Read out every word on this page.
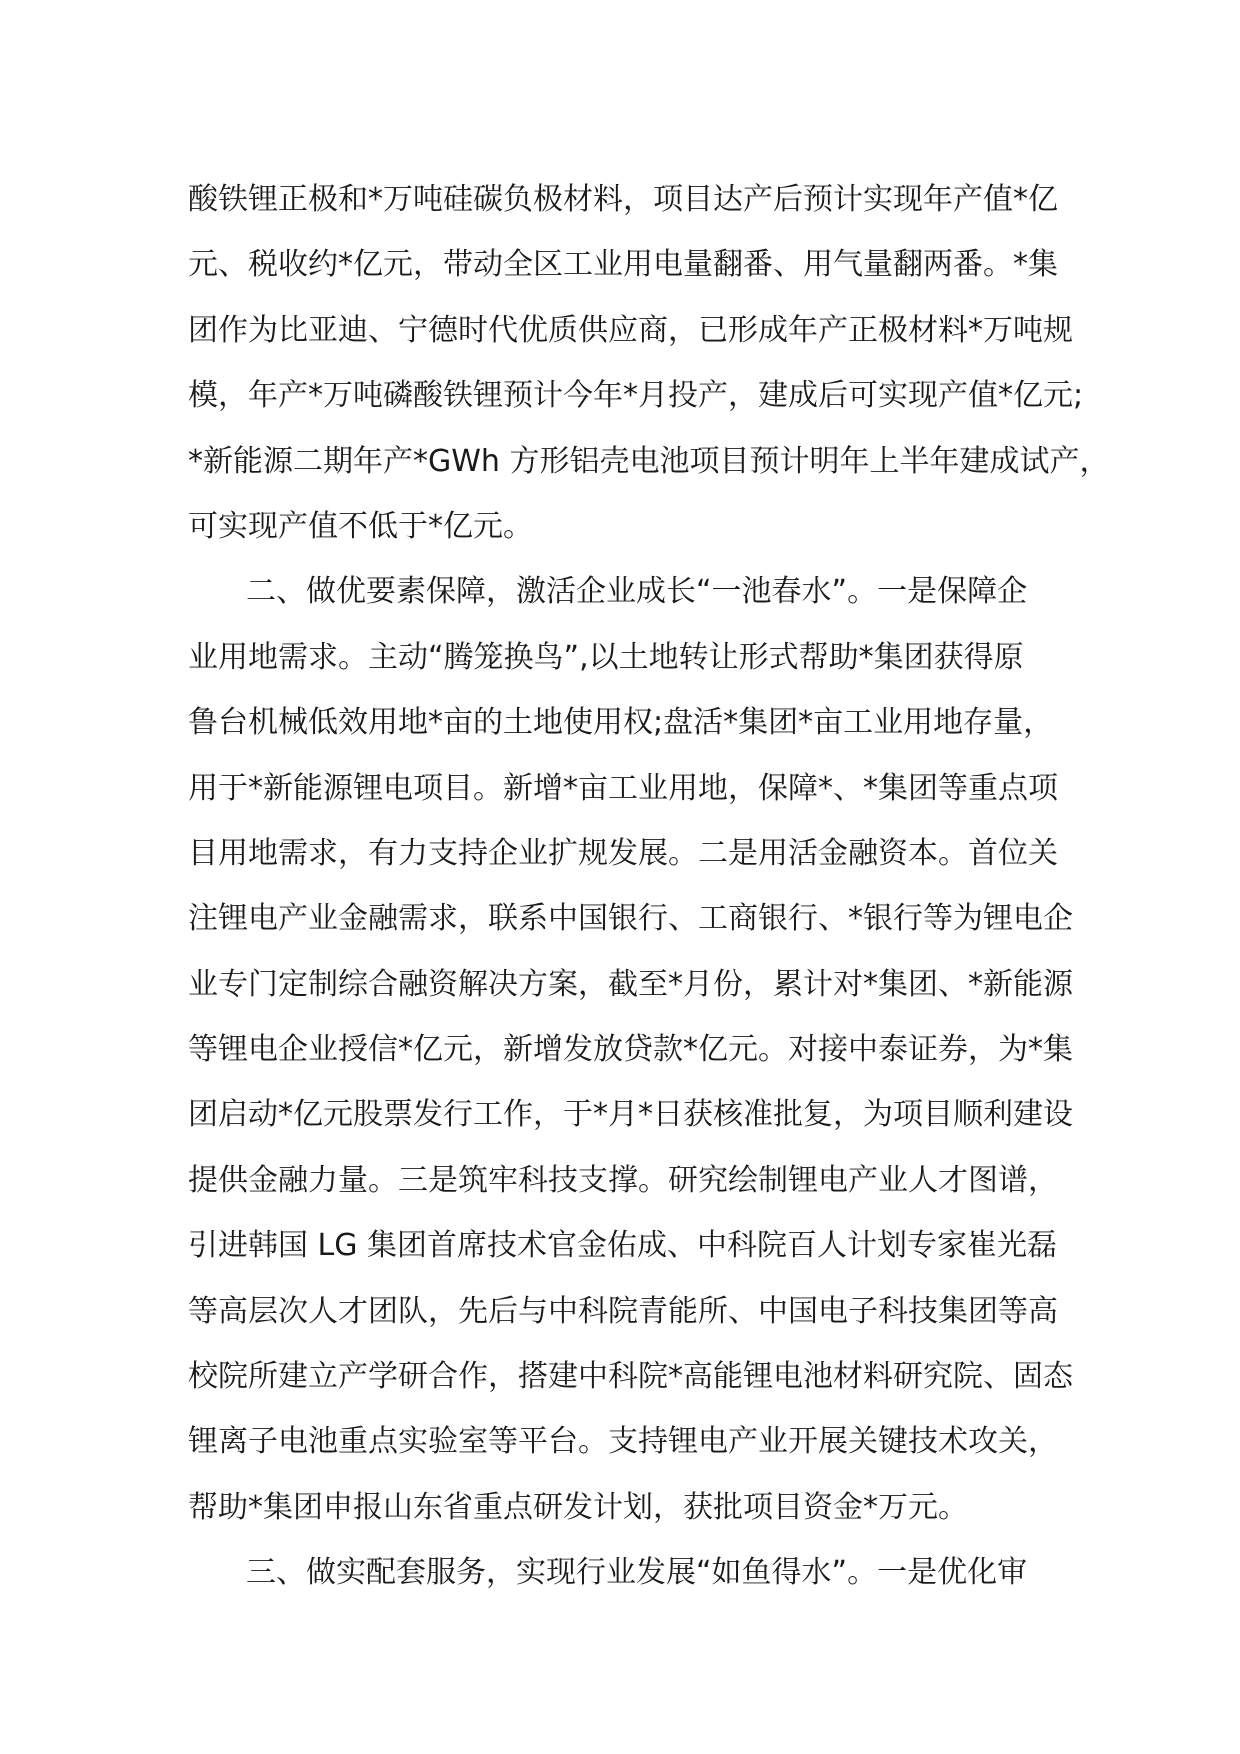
酸铁锂正极和*万吨硅碳负极材料，项目达产后预计实现年产值*亿
元、税收约*亿元，带动全区工业用电量翻番、用气量翻两番。*集
团作为比亚迪、宁德时代优质供应商，已形成年产正极材料*万吨规
模，年产*万吨磷酸铁锂预计今年*月投产，建成后可实现产值*亿元;
*新能源二期年产*GWh 方形铝壳电池项目预计明年上半年建成试产，
可实现产值不低于*亿元。
二、做优要素保障，激活企业成长“一池春水”。一是保障企
业用地需求。主动“腾笼换鸟”,以土地转让形式帮助*集团获得原
鲁台机械低效用地*亩的土地使用权;盘活*集团*亩工业用地存量，
用于*新能源锂电项目。新增*亩工业用地，保障*、*集团等重点项
目用地需求，有力支持企业扩规发展。二是用活金融资本。首位关
注锂电产业金融需求，联系中国银行、工商银行、*银行等为锂电企
业专门定制综合融资解决方案，截至*月份，累计对*集团、*新能源
等锂电企业授信*亿元，新增发放贷款*亿元。对接中泰证券，为*集
团启动*亿元股票发行工作，于*月*日获核准批复，为项目顺利建设
提供金融力量。三是筑牢科技支撑。研究绘制锂电产业人才图谱，
引进韩国 LG 集团首席技术官金佑成、中科院百人计划专家崔光磊
等高层次人才团队，先后与中科院青能所、中国电子科技集团等高
校院所建立产学研合作，搭建中科院*高能锂电池材料研究院、固态
锂离子电池重点实验室等平台。支持锂电产业开展关键技术攻关，
帮助*集团申报山东省重点研发计划，获批项目资金*万元。
三、做实配套服务，实现行业发展“如鱼得水”。一是优化审
